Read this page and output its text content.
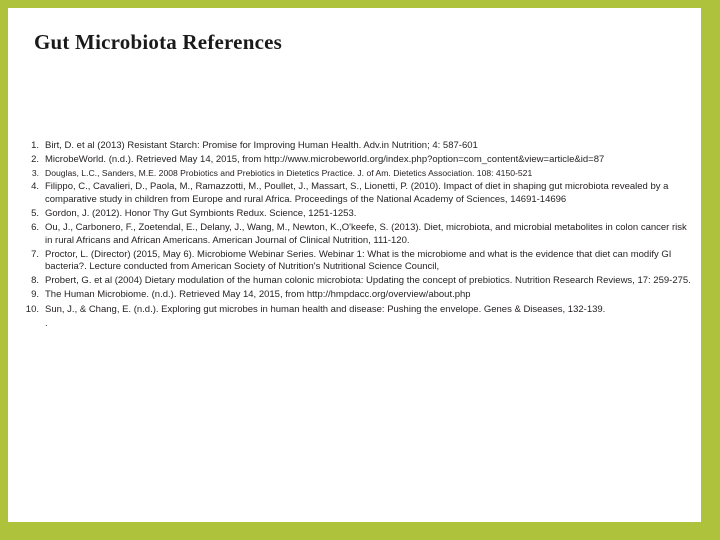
Gut Microbiota References
1. Birt, D. et al (2013) Resistant Starch: Promise for Improving Human Health. Adv.in Nutrition; 4: 587-601
2. MicrobeWorld. (n.d.). Retrieved May 14, 2015, from http://www.microbeworld.org/index.php?option=com_content&view=article&id=87
3. Douglas, L.C., Sanders, M.E. 2008 Probiotics and Prebiotics in Dietetics Practice. J. of Am. Dietetics Association. 108: 4150-521
4. Filippo, C., Cavalieri, D., Paola, M., Ramazzotti, M., Poullet, J., Massart, S., Lionetti, P. (2010). Impact of diet in shaping gut microbiota revealed by a comparative study in children from Europe and rural Africa. Proceedings of the National Academy of Sciences, 14691-14696
5. Gordon, J. (2012). Honor Thy Gut Symbionts Redux. Science, 1251-1253.
6. Ou, J., Carbonero, F., Zoetendal, E., Delany, J., Wang, M., Newton, K.,O'keefe, S. (2013). Diet, microbiota, and microbial metabolites in colon cancer risk in rural Africans and African Americans. American Journal of Clinical Nutrition, 111-120.
7. Proctor, L. (Director) (2015, May 6). Microbiome Webinar Series. Webinar 1: What is the microbiome and what is the evidence that diet can modify GI bacteria?. Lecture conducted from American Society of Nutrition's Nutritional Science Council,
8. Probert, G. et al (2004) Dietary modulation of the human colonic microbiota: Updating the concept of prebiotics. Nutrition Research Reviews, 17: 259-275.
9. The Human Microbiome. (n.d.). Retrieved May 14, 2015, from http://hmpdacc.org/overview/about.php
10. Sun, J., & Chang, E. (n.d.). Exploring gut microbes in human health and disease: Pushing the envelope. Genes & Diseases, 132-139.
.
